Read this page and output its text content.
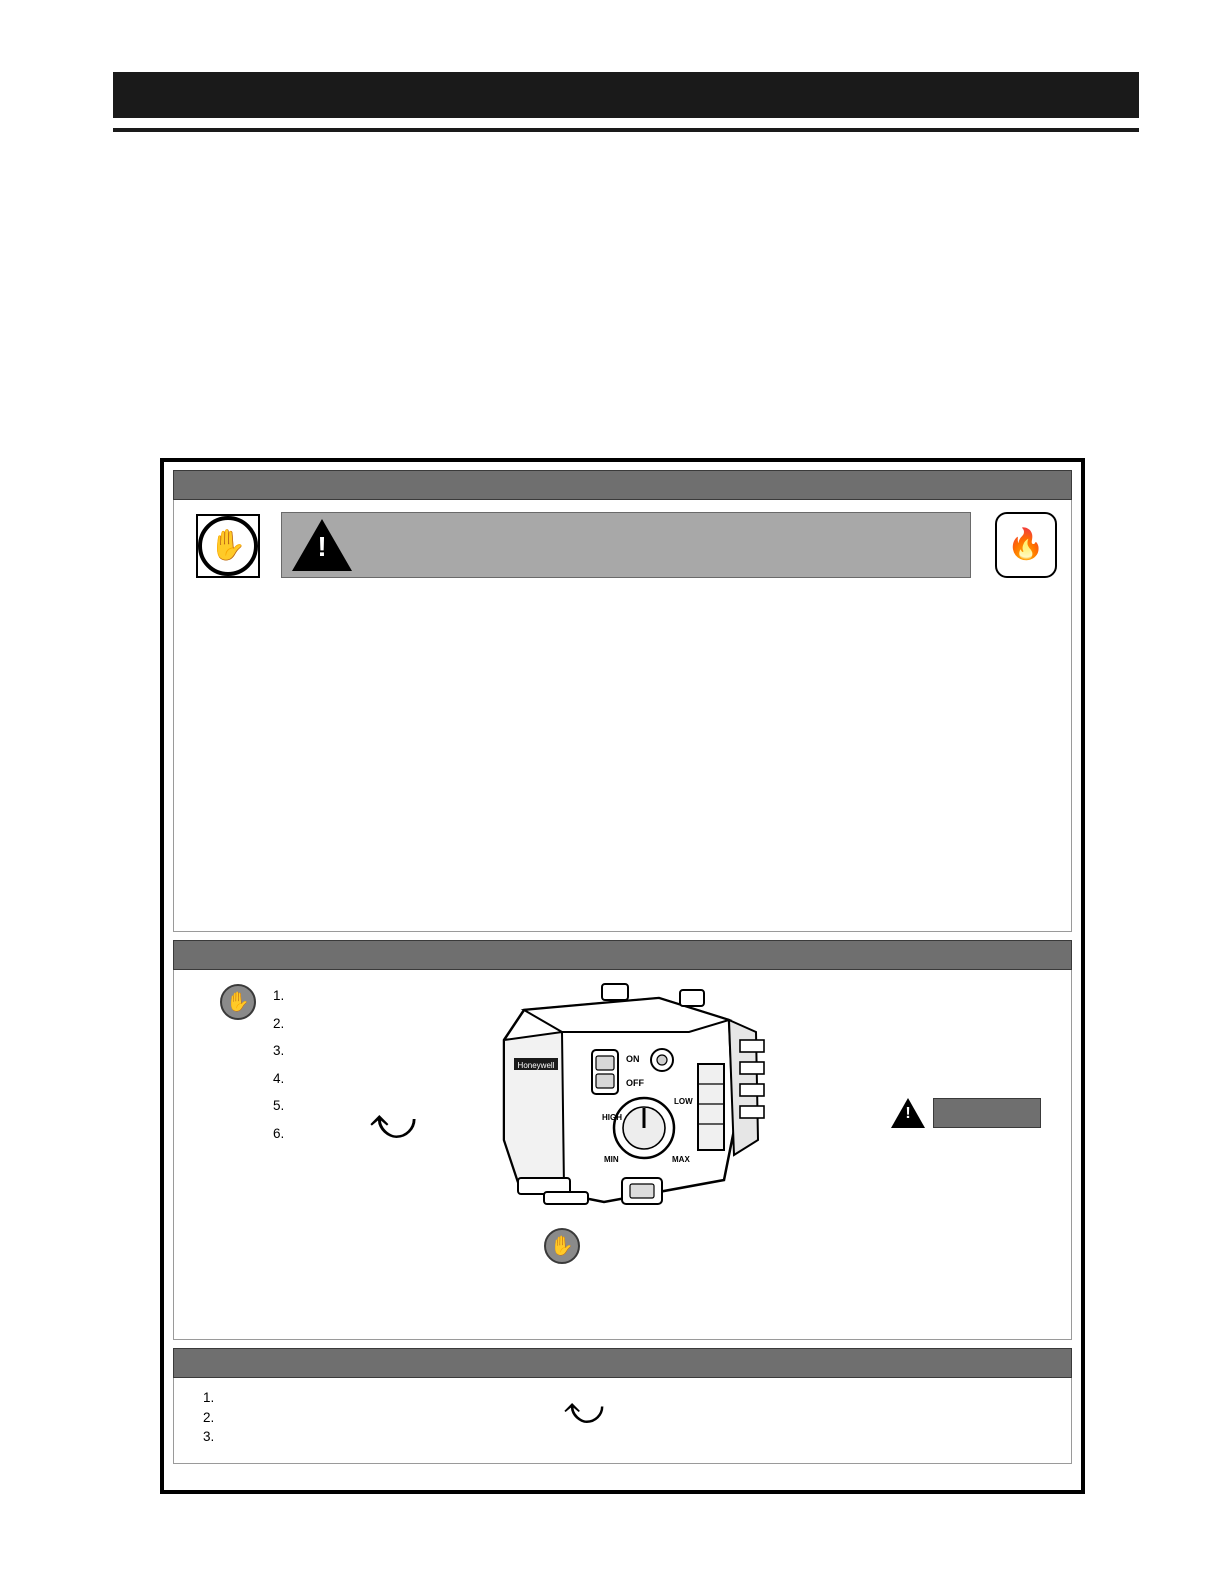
✋ !	🔥

✋
1.
2.
3.
4.
5.
6.
⤻
Honeywell
ON
OFF
HIGH
MIN	MAX
LOW
!
✋
1.
2.
3.
⤻
